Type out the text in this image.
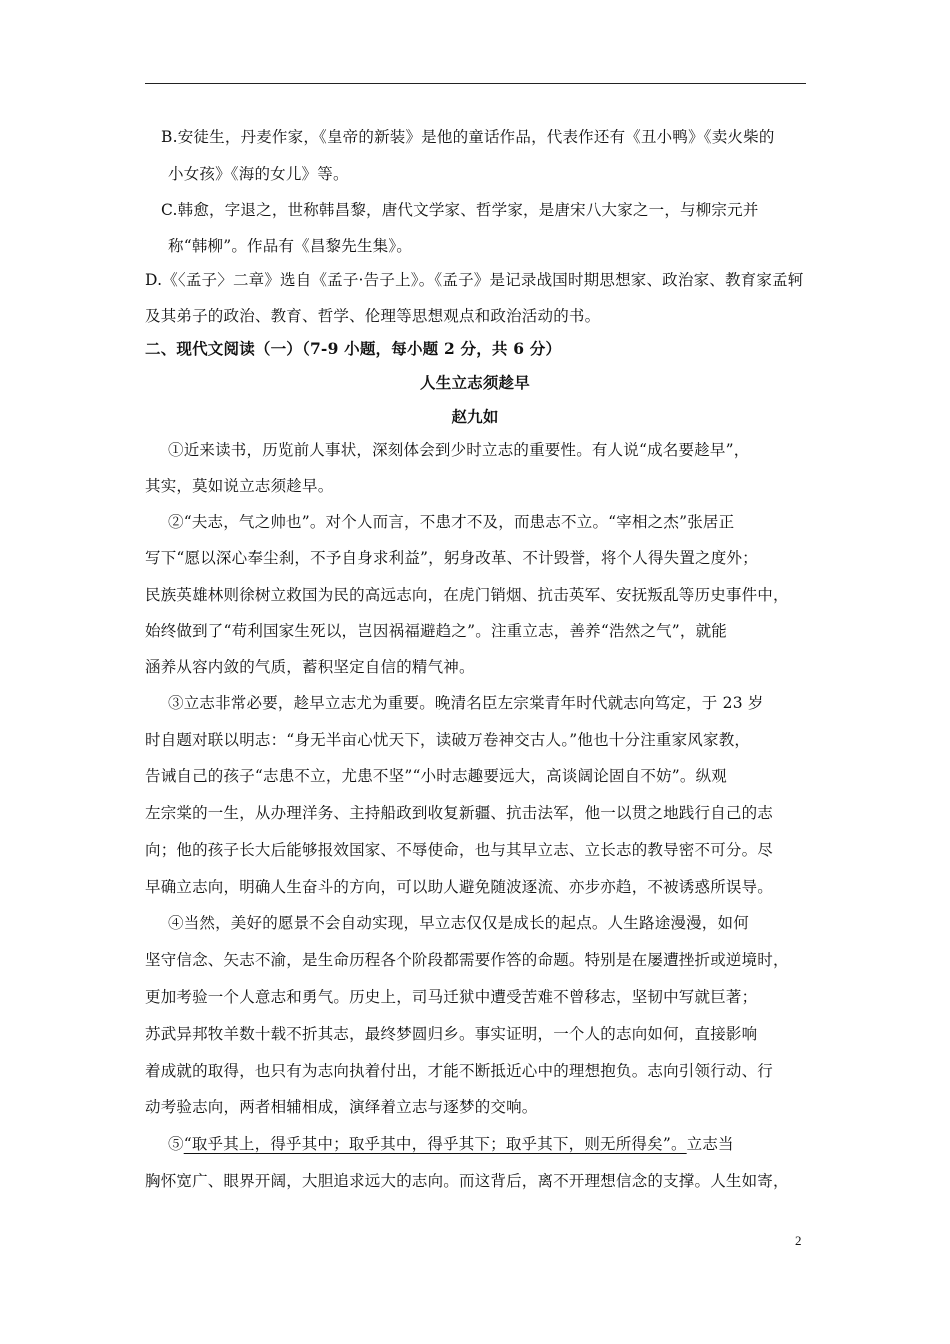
B.安徒生，丹麦作家，《皇帝的新装》是他的童话作品，代表作还有《丑小鸭》《卖火柴的
小女孩》《海的女儿》等。
C.韩愈，字退之，世称韩昌黎，唐代文学家、哲学家，是唐宋八大家之一，与柳宗元并
称“韩柳”。作品有《昌黎先生集》。
D.《〈孟子〉二章》选自《孟子·告子上》。《孟子》是记录战国时期思想家、政治家、教育家孟轲
及其弟子的政治、教育、哲学、伦理等思想观点和政治活动的书。
二、现代文阅读（一）（7-9 小题，每小题 2 分，共 6 分）
人生立志须趁早
赵九如
①近来读书，历览前人事状，深刻体会到少时立志的重要性。有人说“成名要趁早”，
其实，莫如说立志须趁早。
②“夫志，气之帅也”。对个人而言，不患才不及，而患志不立。“宰相之杰”张居正
写下“愿以深心奉尘刹，不予自身求利益”，躬身改革、不计毁誉，将个人得失置之度外；
民族英雄林则徐树立救国为民的高远志向，在虎门销烟、抗击英军、安抚叛乱等历史事件中，
始终做到了“苟利国家生死以，岂因祸福避趋之”。注重立志，善养“浩然之气”，就能
涵养从容内敛的气质，蓄积坚定自信的精气神。
③立志非常必要，趁早立志尤为重要。晚清名臣左宗棠青年时代就志向笃定，于 23 岁
时自题对联以明志：“身无半亩心忧天下，读破万卷神交古人。”他也十分注重家风家教，
告诫自己的孩子“志患不立，尤患不坚”“小时志趣要远大，高谈阔论固自不妨”。纵观
左宗棠的一生，从办理洋务、主持船政到收复新疆、抗击法军，他一以贯之地践行自己的志
向；他的孩子长大后能够报效国家、不辱使命，也与其早立志、立长志的教导密不可分。尽
早确立志向，明确人生奋斗的方向，可以助人避免随波逐流、亦步亦趋，不被诱惑所误导。
④当然，美好的愿景不会自动实现，早立志仅仅是成长的起点。人生路途漫漫，如何
坚守信念、矢志不渝，是生命历程各个阶段都需要作答的命题。特别是在屡遭挫折或逆境时，
更加考验一个人意志和勇气。历史上，司马迁狱中遭受苦难不曾移志，坚韧中写就巨著；
苏武异邦牧羊数十载不折其志，最终梦圆归乡。事实证明，一个人的志向如何，直接影响
着成就的取得，也只有为志向执着付出，才能不断抵近心中的理想抱负。志向引领行动、行
动考验志向，两者相辅相成，演绎着立志与逐梦的交响。
⑤“取乎其上，得乎其中；取乎其中，得乎其下；取乎其下，则无所得矣”。立志当
胸怀宽广、眼界开阔，大胆追求远大的志向。而这背后，离不开理想信念的支撑。人生如寄，
2
